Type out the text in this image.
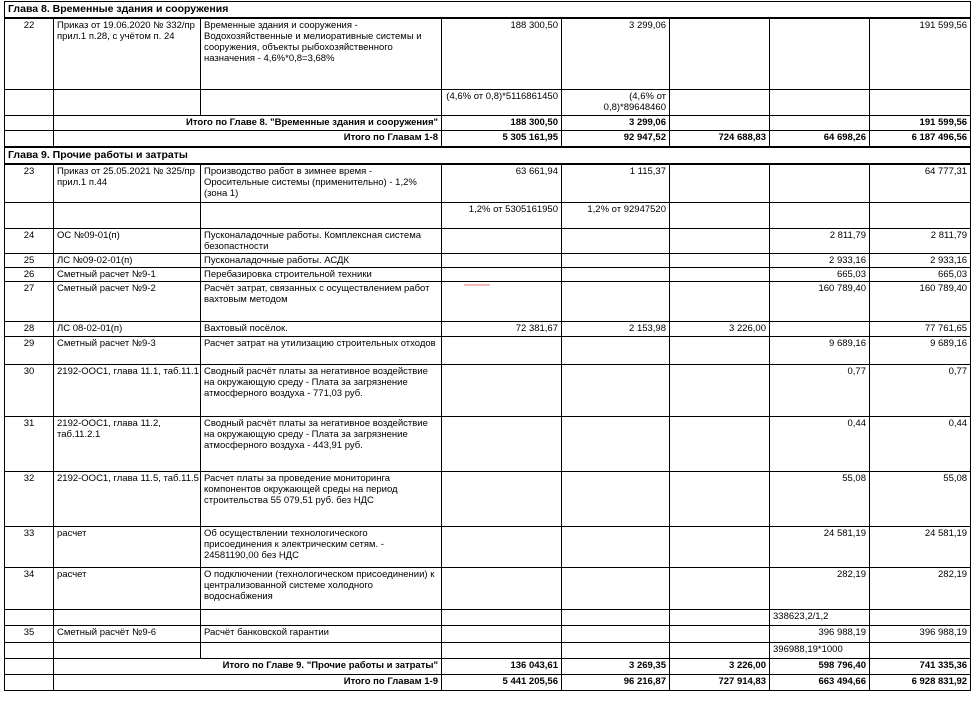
Глава 8. Временные здания и сооружения							
22	Приказ от 19.06.2020 № 332/пр прил.1 п.28, с учётом п. 24	Временные здания и сооружения - Водохозяйственные и мелиоративные системы и сооружения, объекты рыбохозяйственного назначения - 4,6%*0,8=3,68%	188 300,50	3 299,06			191 599,56
			(4,6% от 0,8)*5116861450	(4,6% от 0,8)*89648460			
	Итого по Главе 8. "Временные здания и сооружения"		188 300,50	3 299,06			191 599,56
	Итого по Главам 1-8		5 305 161,95	92 947,52	724 688,83	64 698,26	6 187 496,56
Глава 9. Прочие работы и затраты							
23	Приказ от 25.05.2021 № 325/пр прил.1 п.44	Производство работ в зимнее время - Оросительные системы (применительно) - 1,2% (зона 1)	63 661,94	1 115,37			64 777,31
			1,2% от 5305161950	1,2% от 92947520			
24	ОС №09-01(п)	Пусконаладочные работы. Комплексная система безопастности				2 811,79	2 811,79
25	ЛС №09-02-01(п)	Пусконаладочные работы. АСДК				2 933,16	2 933,16
26	Сметный расчет №9-1	Перебазировка строительной техники				665,03	665,03
27	Сметный расчет №9-2	Расчёт затрат, связанных с осуществлением работ вахтовым методом				160 789,40	160 789,40
28	ЛС 08-02-01(п)	Вахтовый посёлок.	72 381,67	2 153,98	3 226,00		77 761,65
29	Сметный расчет №9-3	Расчет затрат на утилизацию строительных отходов				9 689,16	9 689,16
30	2192-ООС1, глава 11.1, таб.11.1	Сводный расчёт платы за негативное воздействие на окружающую среду - Плата за загрязнение атмосферного воздуха - 771,03 руб.				0,77	0,77
31	2192-ООС1, глава 11.2, таб.11.2.1	Сводный расчёт платы за негативное воздействие на окружающую среду - Плата за загрязнение атмосферного воздуха - 443,91 руб.				0,44	0,44
32	2192-ООС1, глава 11.5, таб.11.5	Расчет платы за проведение мониторинга компонентов окружающей среды на период строительства 55 079,51 руб. без НДС				55,08	55,08
33	расчет	Об осуществлении технологического присоединения к электрическим сетям. - 24581190,00 без НДС				24 581,19	24 581,19
34	расчет	О подключении (технологическом присоединении) к централизованной системе холодного водоснабжения				282,19	282,19
						338623,2/1,2	
35	Сметный расчёт №9-6	Расчёт банковской гарантии				396 988,19	396 988,19
						396988,19*1000	
	Итого по Главе 9. "Прочие работы и затраты"		136 043,61	3 269,35	3 226,00	598 796,40	741 335,36
	Итого по Главам 1-9		5 441 205,56	96 216,87	727 914,83	663 494,66	6 928 831,92
